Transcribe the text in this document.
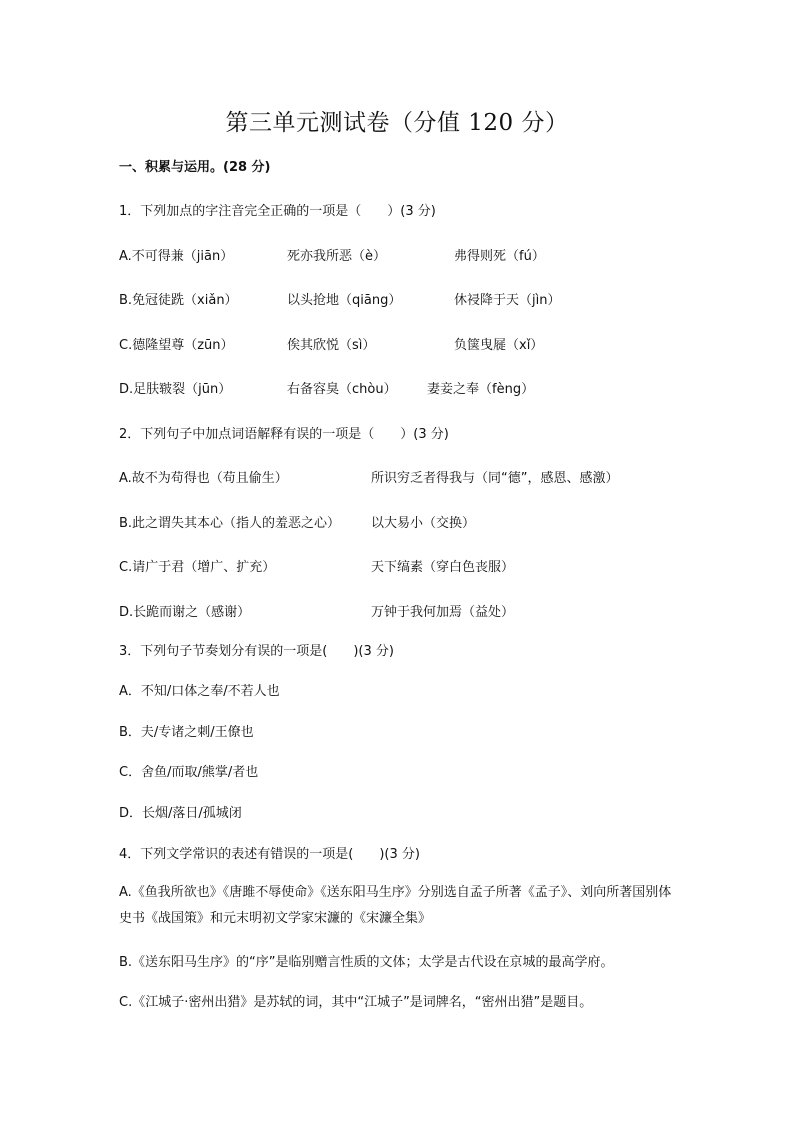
第三单元测试卷（分值 120 分）
一、积累与运用。(28 分)
1．下列加点的字注音完全正确的一项是（　　）(3 分)
A.不可得兼（jiān）	死亦我所恶（è）	弗得则死（fú）
B.免冠徒跣（xiǎn）	以头抢地（qiāng）	休祲降于天（jìn）
C.德隆望尊（zūn）	俟其欣悦（sì）	负箧曳屣（xǐ）
D.足肤皲裂（jūn）	右备容臭（chòu） 妻妾之奉（fèng）
2．下列句子中加点词语解释有误的一项是（　　）(3 分)
A.故不为苟得也（苟且偷生）	所识穷乏者得我与（同“德”，感恩、感激）
B.此之谓失其本心（指人的羞恶之心） 以大易小（交换）
C.请广于君（增广、扩充）	天下缟素（穿白色丧服）
D.长跪而谢之（感谢）	万钟于我何加焉（益处）
3．下列句子节奏划分有误的一项是(　　)(3 分)
A．不知/口体之奉/不若人也
B．夫/专诸之刺/王僚也
C．舍鱼/而取/熊掌/者也
D．长烟/落日/孤城闭
4．下列文学常识的表述有错误的一项是(　　)(3 分)
A.《鱼我所欲也》《唐雎不辱使命》《送东阳马生序》分别选自孟子所著《孟子》、刘向所著国别体史书《战国策》和元末明初文学家宋濂的《宋濂全集》
B.《送东阳马生序》的“序”是临别赠言性质的文体；太学是古代设在京城的最高学府。
C.《江城子·密州出猎》是苏轼的词，其中“江城子”是词牌名，“密州出猎”是题目。
